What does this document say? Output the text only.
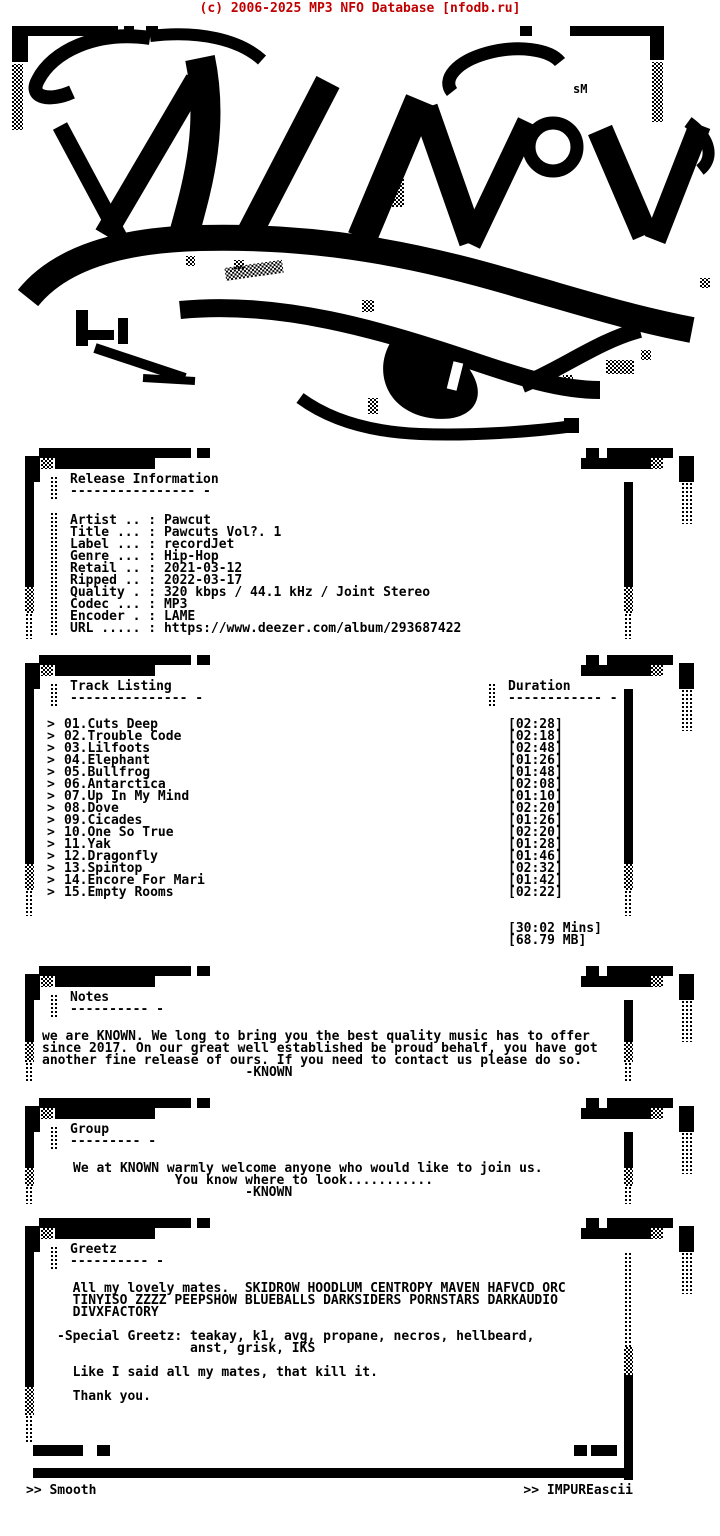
(c) 2006-2025 MP3 NFO Database [nfodb.ru]
sM
Release Information
---------------- -
Artist .. : Pawcut
Title ... : Pawcuts Vol?. 1
Label ... : recordJet
Genre ... : Hip-Hop
Retail .. : 2021-03-12
Ripped .. : 2022-03-17
Quality . : 320 kbps / 44.1 kHz / Joint Stereo
Codec ... : MP3
Encoder . : LAME
URL ..... : https://www.deezer.com/album/293687422
Track Listing
--------------- -
Duration
------------ -
> 01.Cuts Deep	[02:28]
> 02.Trouble Code	[02:18]
> 03.Lilfoots	[02:48]
> 04.Elephant	[01:26]
> 05.Bullfrog	[01:48]
> 06.Antarctica	[02:08]
> 07.Up In My Mind	[01:10]
> 08.Dove	[02:20]
> 09.Cicades	[01:26]
> 10.One So True	[02:20]
> 11.Yak	[01:28]
> 12.Dragonfly	[01:46]
> 13.Spintop	[02:32]
> 14.Encore For Mari	[01:42]
> 15.Empty Rooms	[02:22]
[30:02 Mins]
[68.79 MB]
Notes
---------- -
we are KNOWN. We long to bring you the best quality music has to offer
since 2017. On our great well established be proud behalf, you have got
another fine release of ours. If you need to contact us please do so.
-KNOWN
Group
--------- -
We at KNOWN warmly welcome anyone who would like to join us.
You know where to look...........
-KNOWN
Greetz
---------- -
All my lovely mates.  SKIDROW HOODLUM CENTROPY MAVEN HAFVCD ORC
TINYISO ZZZZ PEEPSHOW BLUEBALLS DARKSIDERS PORNSTARS DARKAUDIO
DIVXFACTORY

-Special Greetz: teakay, k1, avg, propane, necros, hellbeard,
anst, grisk, IKS

Like I said all my mates, that kill it.

Thank you.
>> Smooth	>> IMPUREascii
